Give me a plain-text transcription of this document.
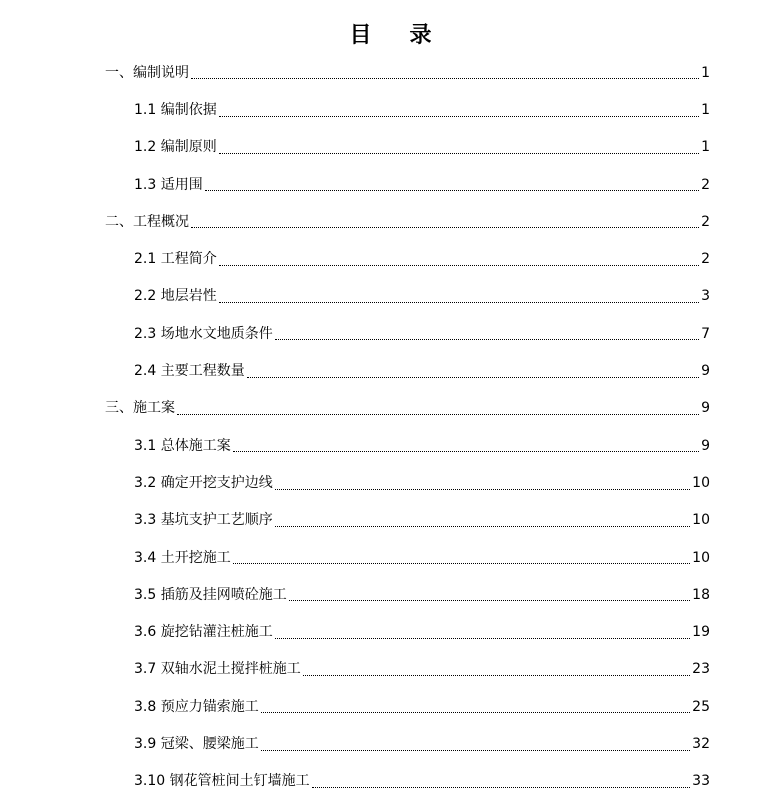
目 录
一、编制说明	1
1.1 编制依据	1
1.2 编制原则	1
1.3 适用围	2
二、工程概况	2
2.1 工程简介	2
2.2 地层岩性	3
2.3 场地水文地质条件	7
2.4 主要工程数量	9
三、施工案	9
3.1 总体施工案	9
3.2 确定开挖支护边线	10
3.3 基坑支护工艺顺序	10
3.4 土开挖施工	10
3.5 插筋及挂网喷砼施工	18
3.6 旋挖钻灌注桩施工	19
3.7 双轴水泥土搅拌桩施工	23
3.8 预应力锚索施工	25
3.9 冠梁、腰梁施工	32
3.10 钢花管桩间土钉墙施工	33
